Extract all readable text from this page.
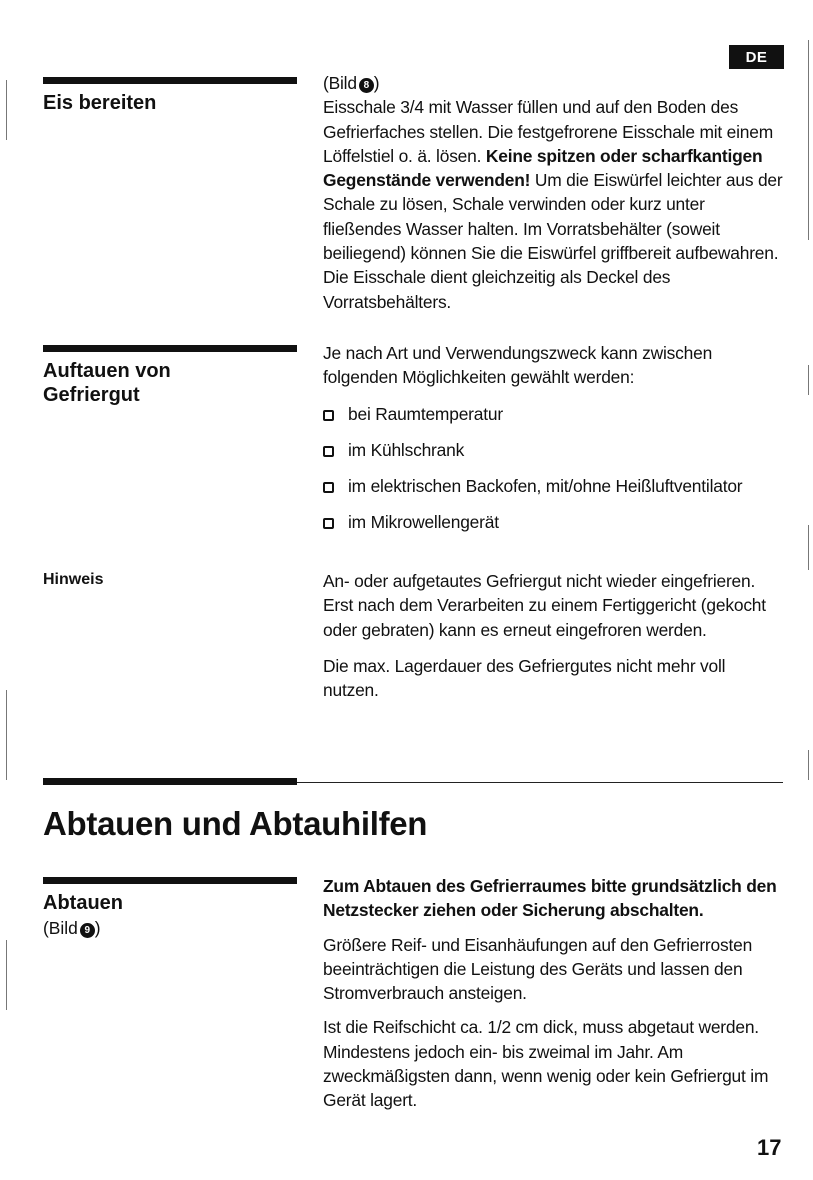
DE
Eis bereiten

(Bild 8 )

Eisschale 3/4 mit Wasser füllen und auf den Boden des Gefrierfaches stellen. Die festgefrorene Eisschale mit einem Löffelstiel o. ä. lösen. Keine spitzen oder scharfkantigen Gegenstände verwenden! Um die Eiswürfel leichter aus der Schale zu lösen, Schale verwinden oder kurz unter fließendes Wasser halten. Im Vorratsbehälter (soweit beiliegend) können Sie die Eiswürfel griffbereit aufbewahren. Die Eisschale dient gleichzeitig als Deckel des Vorratsbehälters.

Auftauen von
Gefriergut

Je nach Art und Verwendungszweck kann zwischen folgenden Möglichkeiten gewählt werden:

bei Raumtemperatur
im Kühlschrank
im elektrischen Backofen, mit/ohne Heißluftventilator
im Mikrowellengerät
Hinweis	An- oder aufgetautes Gefriergut nicht wieder eingefrieren. Erst nach dem Verarbeiten zu einem Fertiggericht (gekocht oder gebraten) kann es erneut eingefroren werden.

Die max. Lagerdauer des Gefriergutes nicht mehr voll nutzen.

Abtauen und Abtauhilfen
Abtauen
(Bild 9 )

Zum Abtauen des Gefrierraumes bitte grundsätzlich den Netzstecker ziehen oder Sicherung abschalten.

Größere Reif- und Eisanhäufungen auf den Gefrierrosten beeinträchtigen die Leistung des Geräts und lassen den Stromverbrauch ansteigen.

Ist die Reifschicht ca. 1/2 cm dick, muss abgetaut werden. Mindestens jedoch ein- bis zweimal im Jahr. Am zweckmäßigsten dann, wenn wenig oder kein Gefriergut im Gerät lagert.

17
